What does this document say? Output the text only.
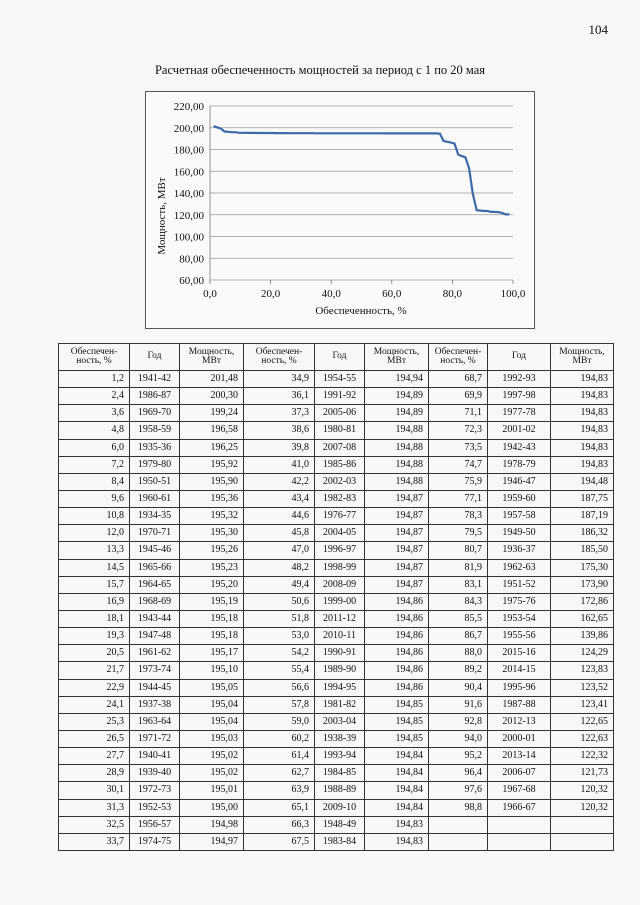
104
Расчетная обеспеченность мощностей за период с 1 по 20 мая
60,00
80,00
100,00
120,00
140,00
160,00
180,00
200,00
220,00
0,0	20,0	40,0	60,0	80,0	100,0
Мощность, МВт
Обеспеченность, %
Обеспечен-ность, %	Год	Мощность, МВт	Обеспечен-ность, %	Год	Мощность, МВт	Обеспечен-ность, %	Год	Мощность, МВт
1,2	1941-42	201,48	34,9	1954-55	194,94	68,7	1992-93	194,83
2,4	1986-87	200,30	36,1	1991-92	194,89	69,9	1997-98	194,83
3,6	1969-70	199,24	37,3	2005-06	194,89	71,1	1977-78	194,83
4,8	1958-59	196,58	38,6	1980-81	194,88	72,3	2001-02	194,83
6,0	1935-36	196,25	39,8	2007-08	194,88	73,5	1942-43	194,83
7,2	1979-80	195,92	41,0	1985-86	194,88	74,7	1978-79	194,83
8,4	1950-51	195,90	42,2	2002-03	194,88	75,9	1946-47	194,48
9,6	1960-61	195,36	43,4	1982-83	194,87	77,1	1959-60	187,75
10,8	1934-35	195,32	44,6	1976-77	194,87	78,3	1957-58	187,19
12,0	1970-71	195,30	45,8	2004-05	194,87	79,5	1949-50	186,32
13,3	1945-46	195,26	47,0	1996-97	194,87	80,7	1936-37	185,50
14,5	1965-66	195,23	48,2	1998-99	194,87	81,9	1962-63	175,30
15,7	1964-65	195,20	49,4	2008-09	194,87	83,1	1951-52	173,90
16,9	1968-69	195,19	50,6	1999-00	194,86	84,3	1975-76	172,86
18,1	1943-44	195,18	51,8	2011-12	194,86	85,5	1953-54	162,65
19,3	1947-48	195,18	53,0	2010-11	194,86	86,7	1955-56	139,86
20,5	1961-62	195,17	54,2	1990-91	194,86	88,0	2015-16	124,29
21,7	1973-74	195,10	55,4	1989-90	194,86	89,2	2014-15	123,83
22,9	1944-45	195,05	56,6	1994-95	194,86	90,4	1995-96	123,52
24,1	1937-38	195,04	57,8	1981-82	194,85	91,6	1987-88	123,41
25,3	1963-64	195,04	59,0	2003-04	194,85	92,8	2012-13	122,65
26,5	1971-72	195,03	60,2	1938-39	194,85	94,0	2000-01	122,63
27,7	1940-41	195,02	61,4	1993-94	194,84	95,2	2013-14	122,32
28,9	1939-40	195,02	62,7	1984-85	194,84	96,4	2006-07	121,73
30,1	1972-73	195,01	63,9	1988-89	194,84	97,6	1967-68	120,32
31,3	1952-53	195,00	65,1	2009-10	194,84	98,8	1966-67	120,32
32,5	1956-57	194,98	66,3	1948-49	194,83			
33,7	1974-75	194,97	67,5	1983-84	194,83			
